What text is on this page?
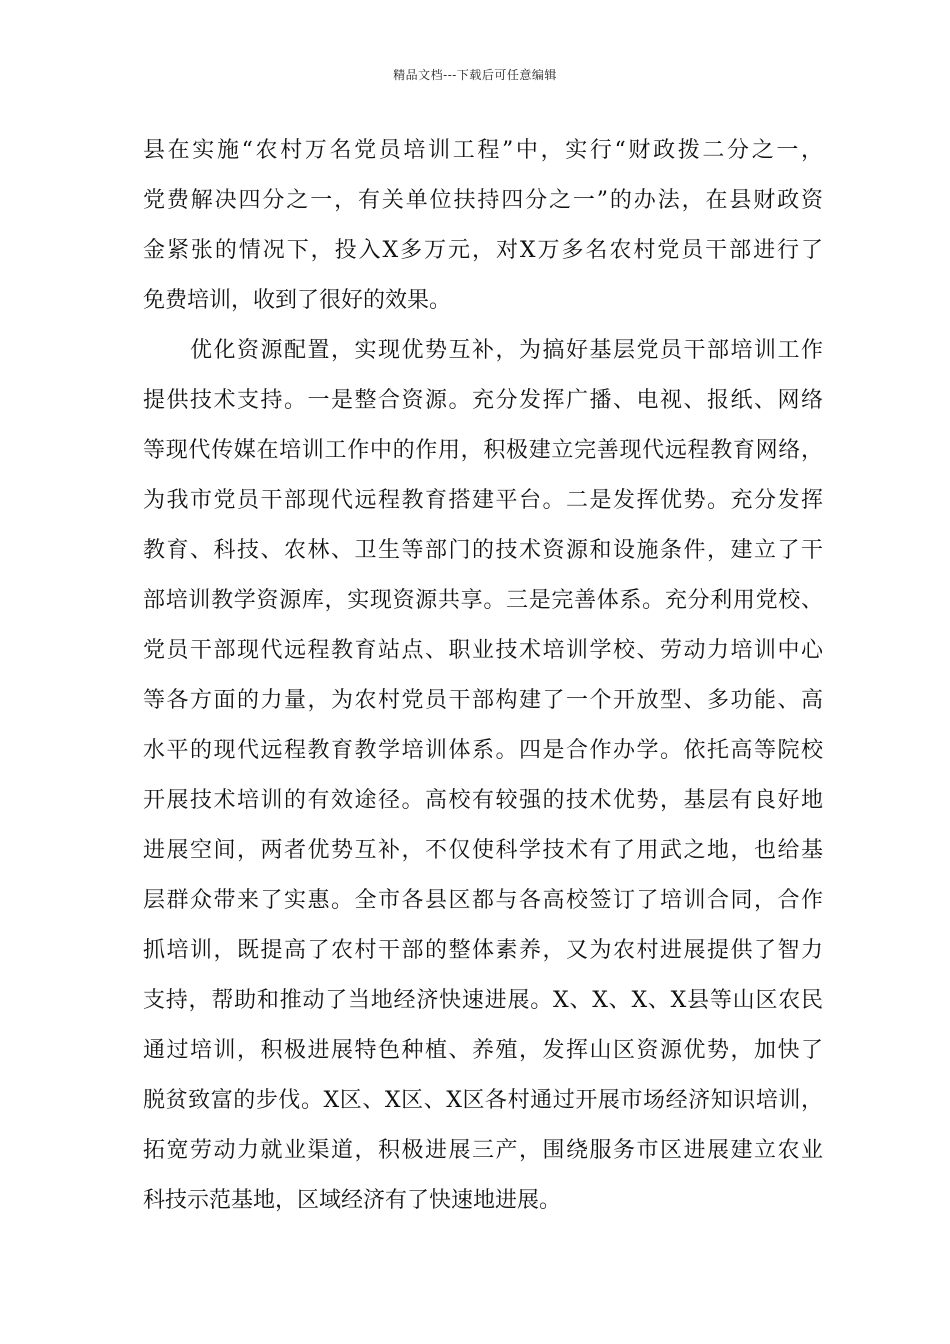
精品文档---下载后可任意编辑
县在实施“农村万名党员培训工程”中，实行“财政拨二分之一，
党费解决四分之一，有关单位扶持四分之一”的办法，在县财政资
金紧张的情况下，投入X多万元，对X万多名农村党员干部进行了
免费培训，收到了很好的效果。
　　优化资源配置，实现优势互补，为搞好基层党员干部培训工作
提供技术支持。一是整合资源。充分发挥广播、电视、报纸、网络
等现代传媒在培训工作中的作用，积极建立完善现代远程教育网络，
为我市党员干部现代远程教育搭建平台。二是发挥优势。充分发挥
教育、科技、农林、卫生等部门的技术资源和设施条件，建立了干
部培训教学资源库，实现资源共享。三是完善体系。充分利用党校、
党员干部现代远程教育站点、职业技术培训学校、劳动力培训中心
等各方面的力量，为农村党员干部构建了一个开放型、多功能、高
水平的现代远程教育教学培训体系。四是合作办学。依托高等院校
开展技术培训的有效途径。高校有较强的技术优势，基层有良好地
进展空间，两者优势互补，不仅使科学技术有了用武之地，也给基
层群众带来了实惠。全市各县区都与各高校签订了培训合同，合作
抓培训，既提高了农村干部的整体素养，又为农村进展提供了智力
支持，帮助和推动了当地经济快速进展。X、X、X、X县等山区农民
通过培训，积极进展特色种植、养殖，发挥山区资源优势，加快了
脱贫致富的步伐。X区、X区、X区各村通过开展市场经济知识培训，
拓宽劳动力就业渠道，积极进展三产，围绕服务市区进展建立农业
科技示范基地，区域经济有了快速地进展。
